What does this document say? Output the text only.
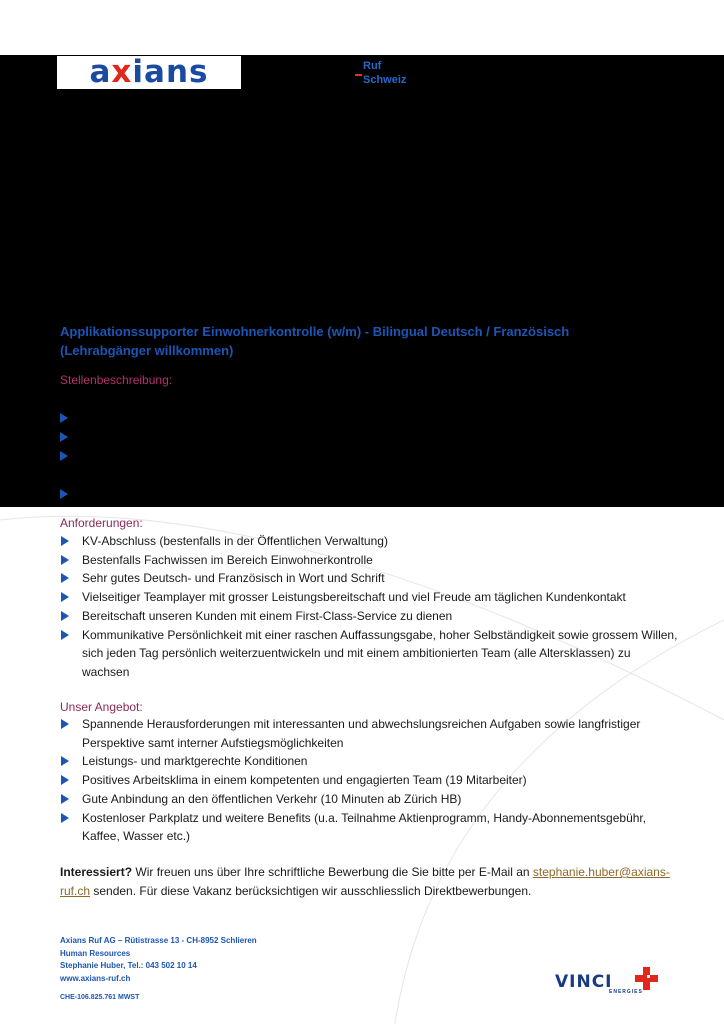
axians	Ruf
Schweiz
Applikationssupporter Einwohnerkontrolle (w/m) - Bilingual Deutsch / Französisch
(Lehrabgänger willkommen)
Stellenbeschreibung:
Anforderungen:
KV-Abschluss (bestenfalls in der Öffentlichen Verwaltung)
Bestenfalls Fachwissen im Bereich Einwohnerkontrolle
Sehr gutes Deutsch- und Französisch in Wort und Schrift
Vielseitiger Teamplayer mit grosser Leistungsbereitschaft und viel Freude am täglichen Kundenkontakt
Bereitschaft unseren Kunden mit einem First-Class-Service zu dienen
Kommunikative Persönlichkeit mit einer raschen Auffassungsgabe, hoher Selbständigkeit sowie grossem Willen, sich jeden Tag persönlich weiterzuentwickeln und mit einem ambitionierten Team (alle Altersklassen) zu wachsen
Unser Angebot:
Spannende Herausforderungen mit interessanten und abwechslungsreichen Aufgaben sowie langfristiger Perspektive samt interner Aufstiegsmöglichkeiten
Leistungs- und marktgerechte Konditionen
Positives Arbeitsklima in einem kompetenten und engagierten Team (19 Mitarbeiter)
Gute Anbindung an den öffentlichen Verkehr (10 Minuten ab Zürich HB)
Kostenloser Parkplatz und weitere Benefits (u.a. Teilnahme Aktienprogramm, Handy-Abonnementsgebühr, Kaffee, Wasser etc.)
Interessiert? Wir freuen uns über Ihre schriftliche Bewerbung die Sie bitte per E-Mail an stephanie.huber@axians-ruf.ch senden. Für diese Vakanz berücksichtigen wir ausschliesslich Direktbewerbungen.
Axians Ruf AG – Rütistrasse 13 - CH-8952 Schlieren
Human Resources
Stephanie Huber, Tel.: 043 502 10 14
www.axians-ruf.ch
CHE-106.825.761 MWST
VINCI
ENERGIES
